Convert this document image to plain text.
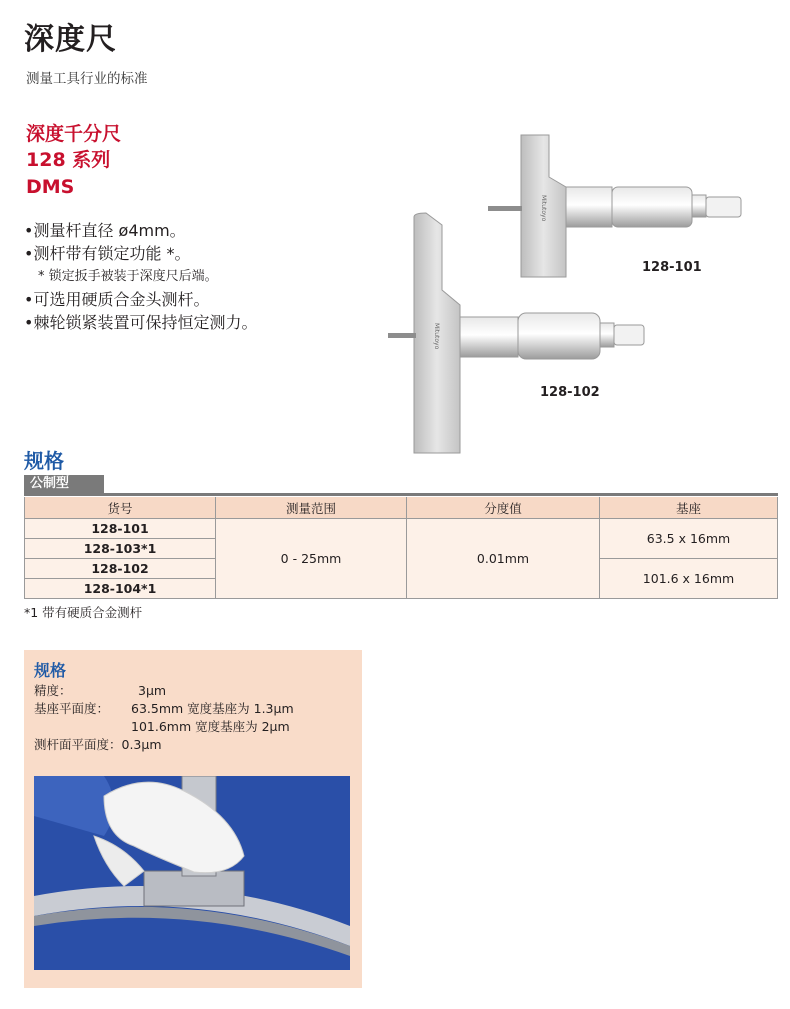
深度尺
测量工具行业的标准
深度千分尺
128 系列
DMS
•测量杆直径 ø4mm。
•测杆带有锁定功能 *。
* 锁定扳手被装于深度尺后端。
•可选用硬质合金头测杆。
•棘轮锁紧装置可保持恒定测力。
Mitutoyo
Mitutoyo
128-101
128-102
规格
公制型
货号	测量范围	分度值	基座
128-101	0 - 25mm	0.01mm	63.5 x 16mm
128-103*1			
128-102			101.6 x 16mm
128-104*1			
*1 带有硬质合金测杆
规格
精度：	3μm
基座平面度： 63.5mm 宽度基座为 1.3μm
101.6mm 宽度基座为 2μm
测杆面平面度：0.3μm
